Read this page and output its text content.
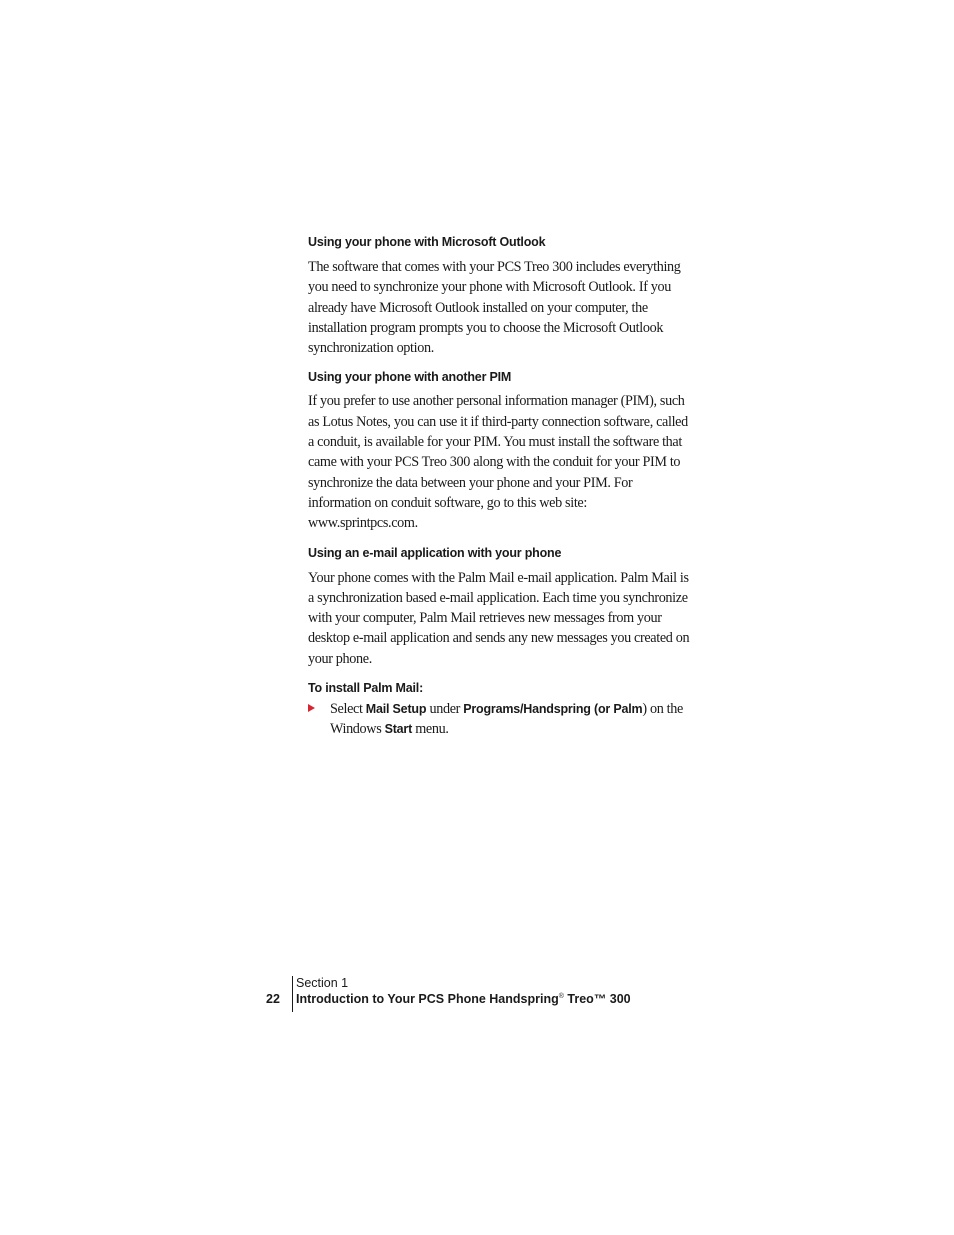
Using your phone with Microsoft Outlook

The software that comes with your PCS Treo 300 includes everything you need to synchronize your phone with Microsoft Outlook. If you already have Microsoft Outlook installed on your computer, the installation program prompts you to choose the Microsoft Outlook synchronization option.

Using your phone with another PIM

If you prefer to use another personal information manager (PIM), such as Lotus Notes, you can use it if third-party connection software, called a conduit, is available for your PIM. You must install the software that came with your PCS Treo 300 along with the conduit for your PIM to synchronize the data between your phone and your PIM. For information on conduit software, go to this web site: www.sprintpcs.com.

Using an e-mail application with your phone

Your phone comes with the Palm Mail e-mail application. Palm Mail is a synchronization based e-mail application. Each time you synchronize with your computer, Palm Mail retrieves new messages from your desktop e-mail application and sends any new messages you created on your phone.

To install Palm Mail:

Select Mail Setup under Programs/Handspring (or Palm) on the Windows Start menu.

22
Section 1
Introduction to Your PCS Phone Handspring® Treo™ 300
